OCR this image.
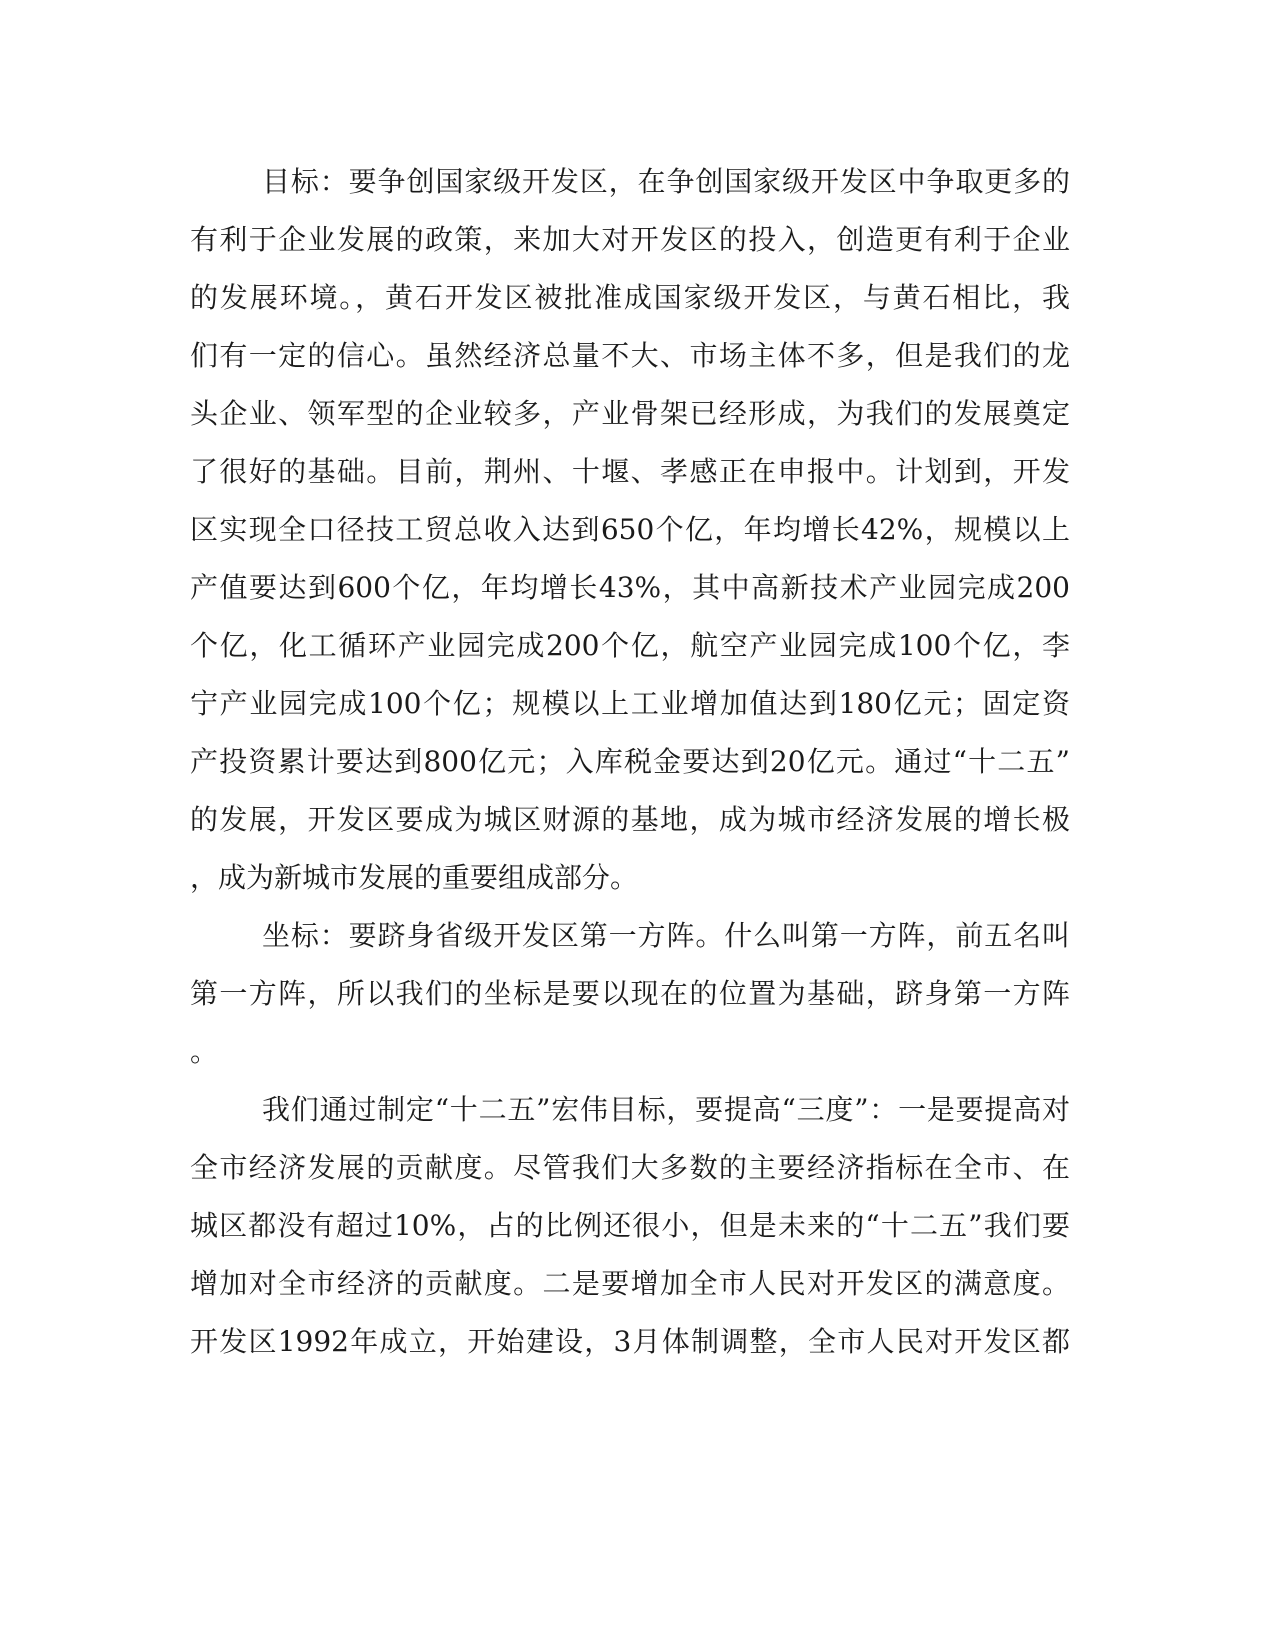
目标：要争创国家级开发区，在争创国家级开发区中争取更多的
有利于企业发展的政策，来加大对开发区的投入，创造更有利于企业
的发展环境。，黄石开发区被批准成国家级开发区，与黄石相比，我
们有一定的信心。虽然经济总量不大、市场主体不多，但是我们的龙
头企业、领军型的企业较多，产业骨架已经形成，为我们的发展奠定
了很好的基础。目前，荆州、十堰、孝感正在申报中。计划到，开发
区实现全口径技工贸总收入达到650个亿，年均增长42%，规模以上
产值要达到600个亿，年均增长43%，其中高新技术产业园完成200
个亿，化工循环产业园完成200个亿，航空产业园完成100个亿，李
宁产业园完成100个亿；规模以上工业增加值达到180亿元；固定资
产投资累计要达到800亿元；入库税金要达到20亿元。通过“十二五”
的发展，开发区要成为城区财源的基地，成为城市经济发展的增长极
，成为新城市发展的重要组成部分。
坐标：要跻身省级开发区第一方阵。什么叫第一方阵，前五名叫
第一方阵，所以我们的坐标是要以现在的位置为基础，跻身第一方阵
。
我们通过制定“十二五”宏伟目标，要提高“三度”：一是要提高对
全市经济发展的贡献度。尽管我们大多数的主要经济指标在全市、在
城区都没有超过10%，占的比例还很小，但是未来的“十二五”我们要
增加对全市经济的贡献度。二是要增加全市人民对开发区的满意度。
开发区1992年成立，开始建设，3月体制调整，全市人民对开发区都
